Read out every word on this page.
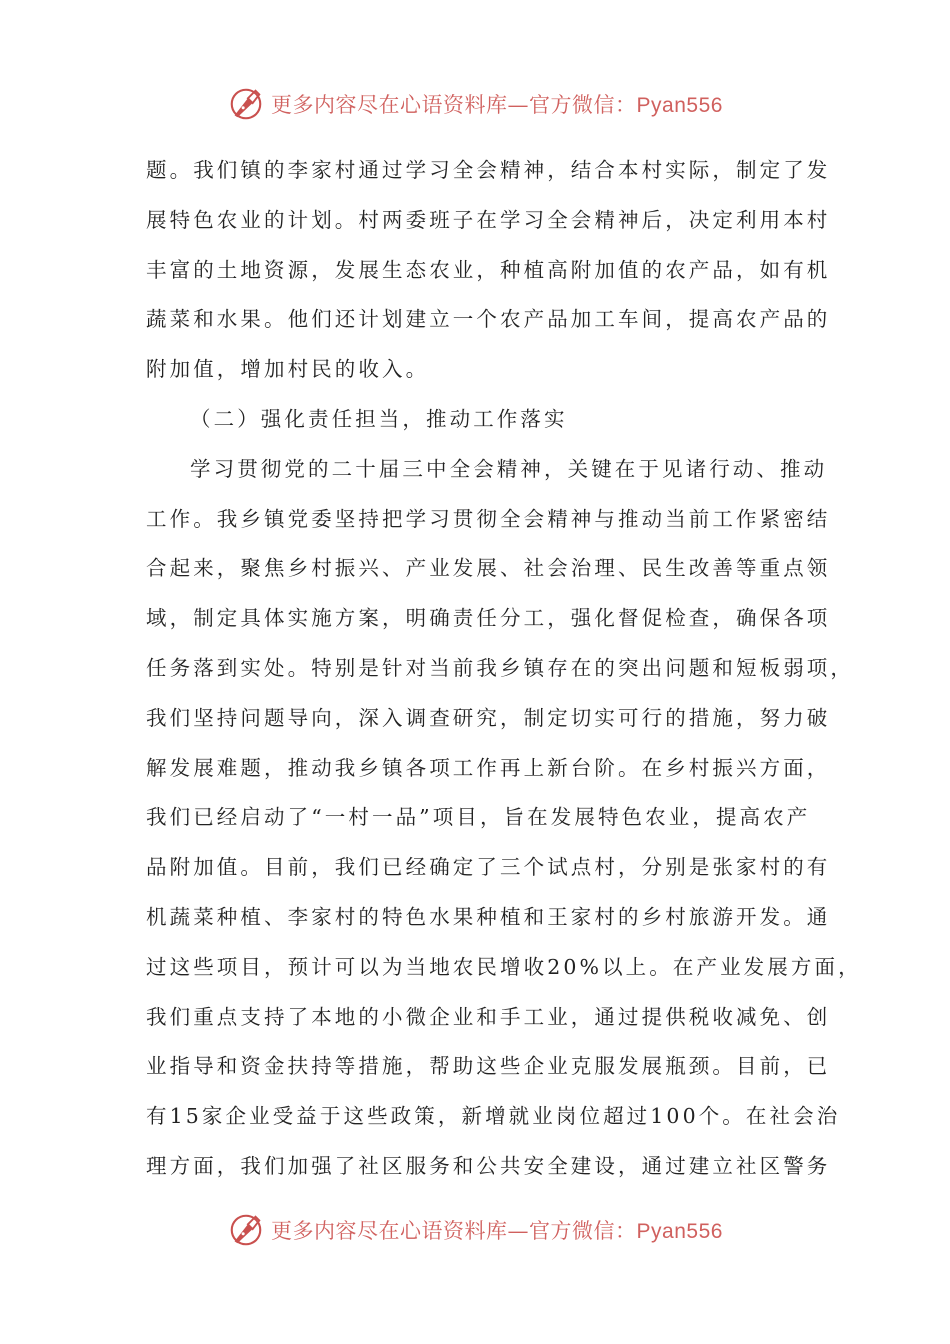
更多内容尽在心语资料库—官方微信：Pyan556
题。我们镇的李家村通过学习全会精神，结合本村实际，制定了发
展特色农业的计划。村两委班子在学习全会精神后，决定利用本村
丰富的土地资源，发展生态农业，种植高附加值的农产品，如有机
蔬菜和水果。他们还计划建立一个农产品加工车间，提高农产品的
附加值，增加村民的收入。
（二）强化责任担当，推动工作落实
学习贯彻党的二十届三中全会精神，关键在于见诸行动、推动
工作。我乡镇党委坚持把学习贯彻全会精神与推动当前工作紧密结
合起来，聚焦乡村振兴、产业发展、社会治理、民生改善等重点领
域，制定具体实施方案，明确责任分工，强化督促检查，确保各项
任务落到实处。特别是针对当前我乡镇存在的突出问题和短板弱项，
我们坚持问题导向，深入调查研究，制定切实可行的措施，努力破
解发展难题，推动我乡镇各项工作再上新台阶。在乡村振兴方面，
我们已经启动了“一村一品”项目，旨在发展特色农业，提高农产
品附加值。目前，我们已经确定了三个试点村，分别是张家村的有
机蔬菜种植、李家村的特色水果种植和王家村的乡村旅游开发。通
过这些项目，预计可以为当地农民增收20%以上。在产业发展方面，
我们重点支持了本地的小微企业和手工业，通过提供税收减免、创
业指导和资金扶持等措施，帮助这些企业克服发展瓶颈。目前，已
有15家企业受益于这些政策，新增就业岗位超过100个。在社会治
理方面，我们加强了社区服务和公共安全建设，通过建立社区警务
更多内容尽在心语资料库—官方微信：Pyan556
